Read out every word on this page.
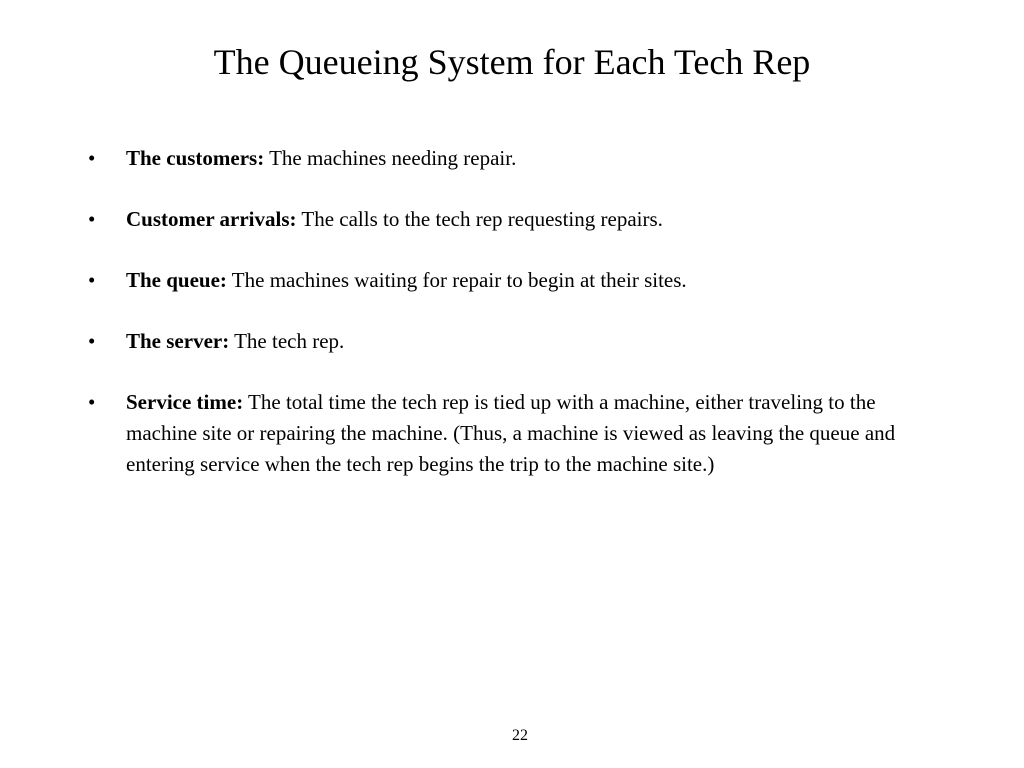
The Queueing System for Each Tech Rep
•	The customers: The machines needing repair.
•	Customer arrivals: The calls to the tech rep requesting repairs.
•	The queue: The machines waiting for repair to begin at their sites.
•	The server: The tech rep.
•	Service time: The total time the tech rep is tied up with a machine, either traveling to the machine site or repairing the machine. (Thus, a machine is viewed as leaving the queue and entering service when the tech rep begins the trip to the machine site.)
22
